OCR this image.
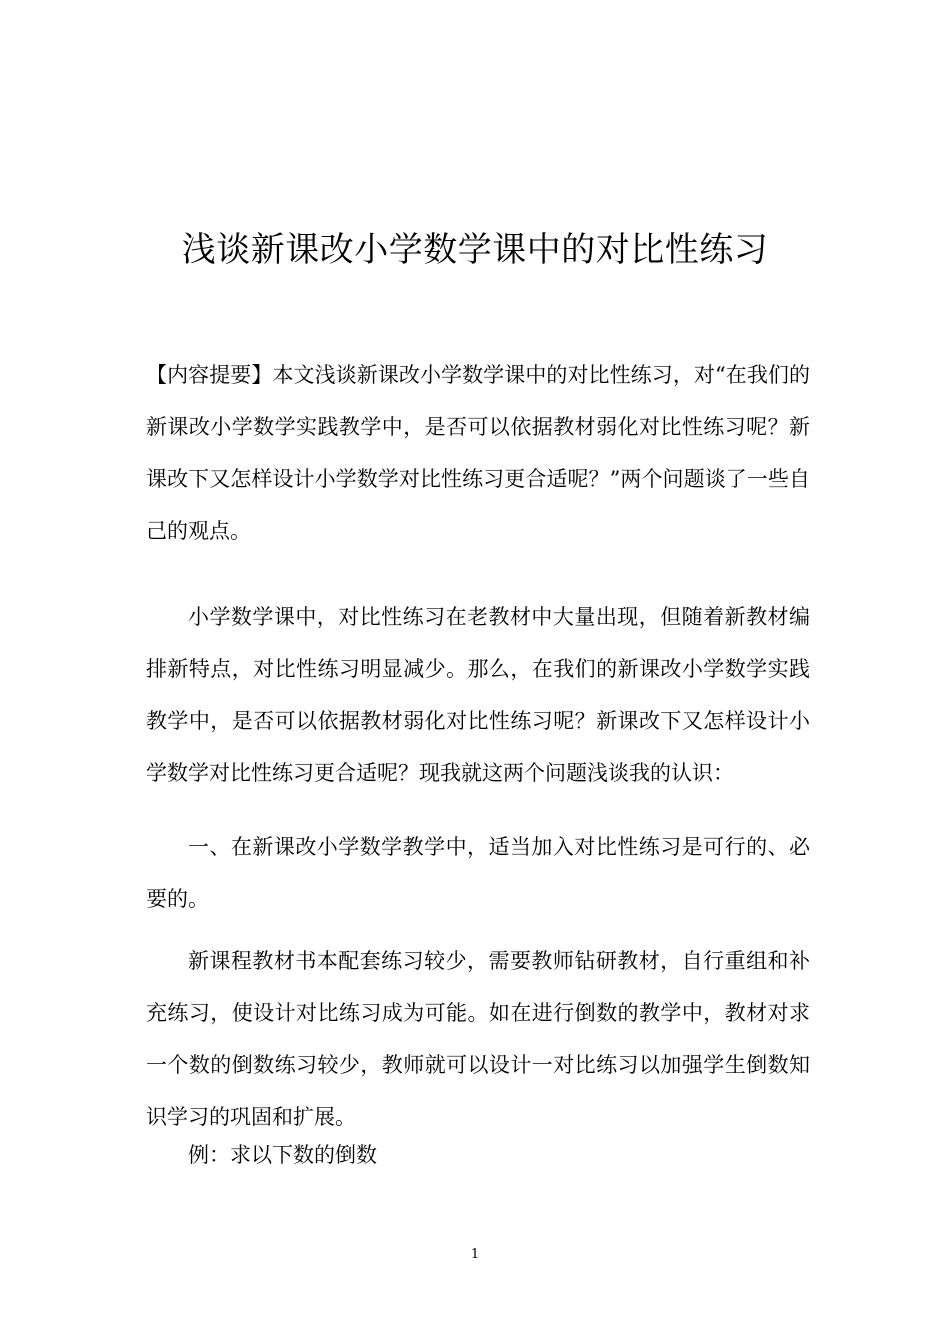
浅谈新课改小学数学课中的对比性练习

【内容提要】本文浅谈新课改小学数学课中的对比性练习，对“在我们的新课改小学数学实践教学中，是否可以依据教材弱化对比性练习呢？新课改下又怎样设计小学数学对比性练习更合适呢？”两个问题谈了一些自己的观点。

小学数学课中，对比性练习在老教材中大量出现，但随着新教材编排新特点，对比性练习明显减少。那么，在我们的新课改小学数学实践教学中，是否可以依据教材弱化对比性练习呢？新课改下又怎样设计小学数学对比性练习更合适呢？现我就这两个问题浅谈我的认识：

一、在新课改小学数学教学中，适当加入对比性练习是可行的、必要的。

新课程教材书本配套练习较少，需要教师钻研教材，自行重组和补充练习，使设计对比练习成为可能。如在进行倒数的教学中，教材对求一个数的倒数练习较少，教师就可以设计一对比练习以加强学生倒数知识学习的巩固和扩展。

例：求以下数的倒数

1
